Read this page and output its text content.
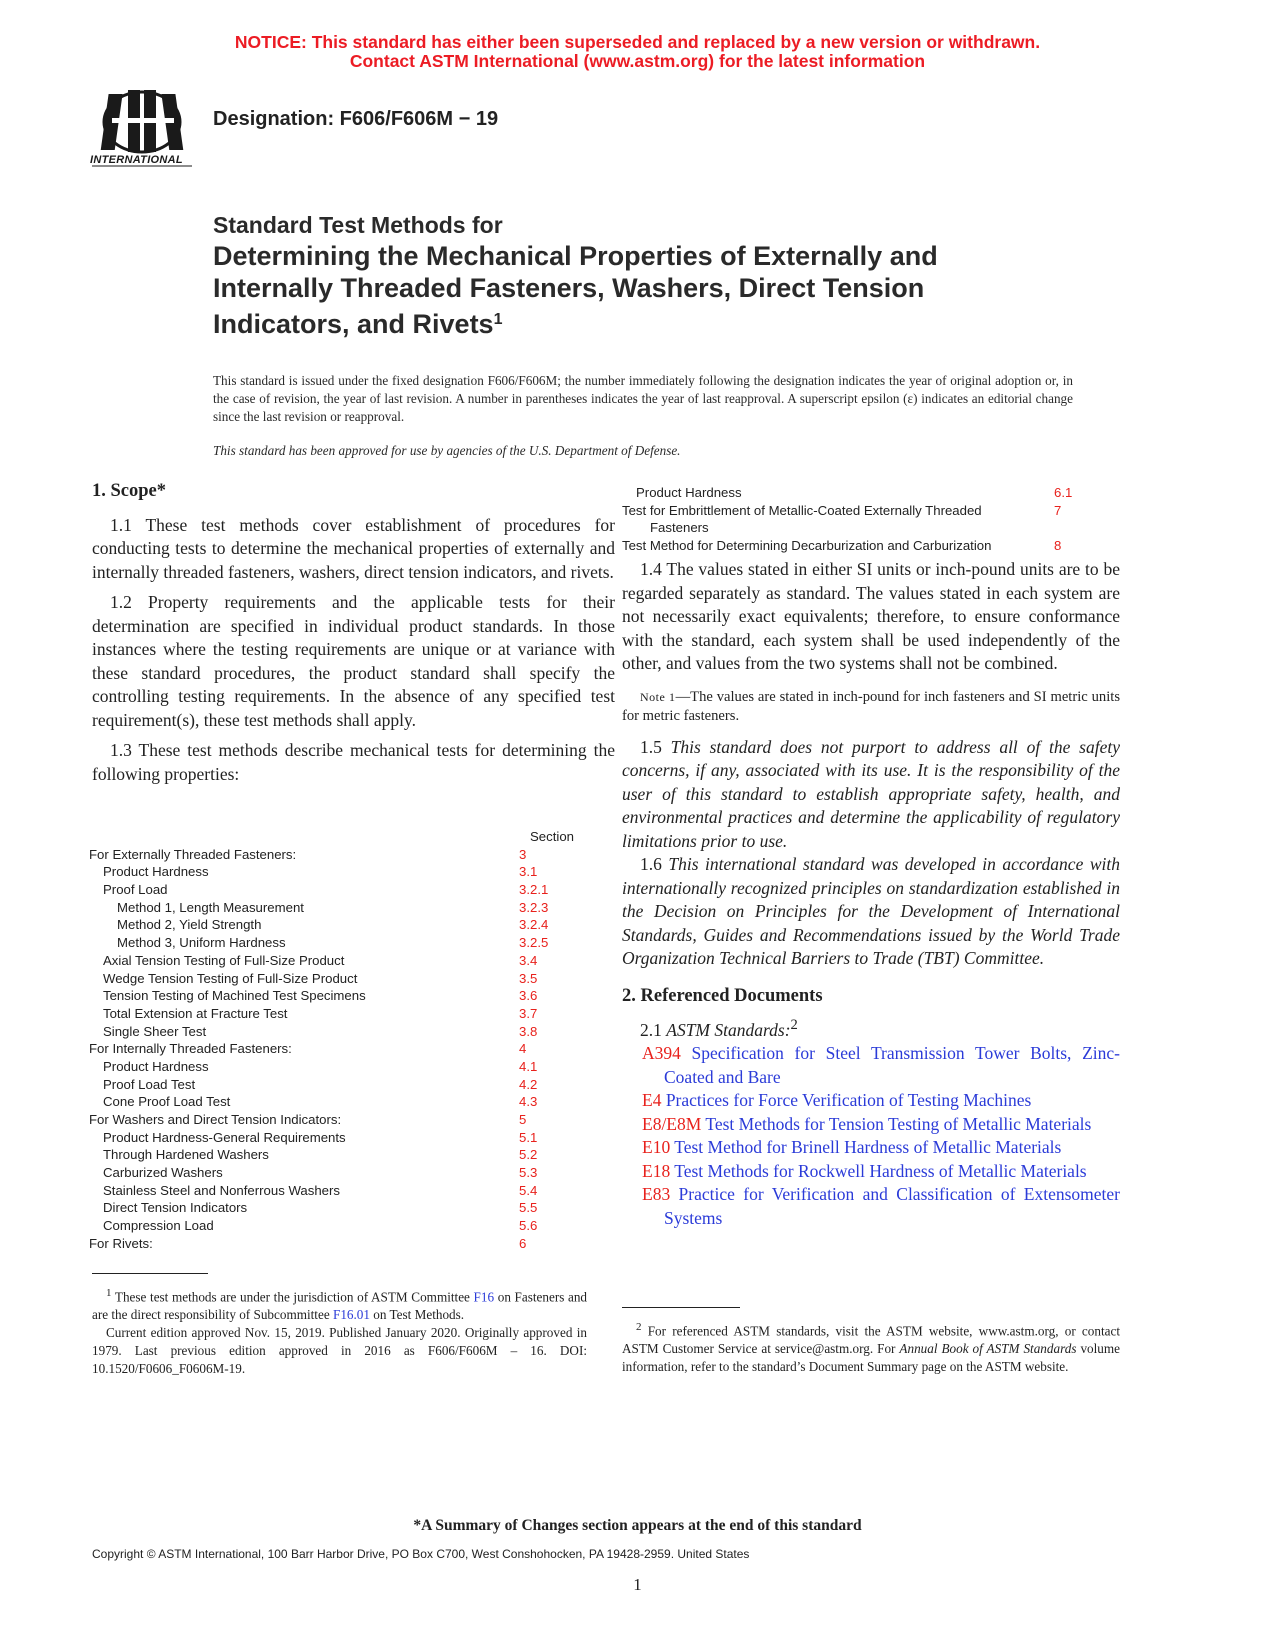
NOTICE: This standard has either been superseded and replaced by a new version or withdrawn.
Contact ASTM International (www.astm.org) for the latest information
INTERNATIONAL
Designation: F606/F606M − 19
Standard Test Methods for
Determining the Mechanical Properties of Externally and
Internally Threaded Fasteners, Washers, Direct Tension
Indicators, and Rivets$^1$
This standard is issued under the fixed designation F606/F606M; the number immediately following the designation indicates the year of original adoption or, in the case of revision, the year of last revision. A number in parentheses indicates the year of last reapproval. A superscript epsilon (ε) indicates an editorial change since the last revision or reapproval.
This standard has been approved for use by agencies of the U.S. Department of Defense.
1. Scope*

1.1 These test methods cover establishment of procedures for conducting tests to determine the mechanical properties of externally and internally threaded fasteners, washers, direct tension indicators, and rivets.

1.2 Property requirements and the applicable tests for their determination are specified in individual product standards. In those instances where the testing requirements are unique or at variance with these standard procedures, the product standard shall specify the controlling testing requirements. In the absence of any specified test requirement(s), these test methods shall apply.

1.3 These test methods describe mechanical tests for determining the following properties:

Section
For Externally Threaded Fasteners:	3
Product Hardness	3.1
Proof Load	3.2.1
Method 1, Length Measurement	3.2.3
Method 2, Yield Strength	3.2.4
Method 3, Uniform Hardness	3.2.5
Axial Tension Testing of Full-Size Product	3.4
Wedge Tension Testing of Full-Size Product	3.5
Tension Testing of Machined Test Specimens	3.6
Total Extension at Fracture Test	3.7
Single Sheer Test	3.8
For Internally Threaded Fasteners:	4
Product Hardness	4.1
Proof Load Test	4.2
Cone Proof Load Test	4.3
For Washers and Direct Tension Indicators:	5
Product Hardness-General Requirements	5.1
Through Hardened Washers	5.2
Carburized Washers	5.3
Stainless Steel and Nonferrous Washers	5.4
Direct Tension Indicators	5.5
Compression Load	5.6
For Rivets:	6
$^1$ These test methods are under the jurisdiction of ASTM Committee F16 on Fasteners and are the direct responsibility of Subcommittee F16.01 on Test Methods.
Current edition approved Nov. 15, 2019. Published January 2020. Originally approved in 1979. Last previous edition approved in 2016 as F606/F606M – 16. DOI: 10.1520/F0606_F0606M-19.
Product Hardness	6.1
Test for Embrittlement of Metallic-Coated Externally Threaded	7
Fasteners
Test Method for Determining Decarburization and Carburization	8

1.4 The values stated in either SI units or inch-pound units are to be regarded separately as standard. The values stated in each system are not necessarily exact equivalents; therefore, to ensure conformance with the standard, each system shall be used independently of the other, and values from the two systems shall not be combined.

Note 1—The values are stated in inch-pound for inch fasteners and SI metric units for metric fasteners.

1.5 This standard does not purport to address all of the safety concerns, if any, associated with its use. It is the responsibility of the user of this standard to establish appropriate safety, health, and environmental practices and determine the applicability of regulatory limitations prior to use.

1.6 This international standard was developed in accordance with internationally recognized principles on standardization established in the Decision on Principles for the Development of International Standards, Guides and Recommendations issued by the World Trade Organization Technical Barriers to Trade (TBT) Committee.

2. Referenced Documents
2.1 ASTM Standards:$^2$
A394 Specification for Steel Transmission Tower Bolts, Zinc-Coated and Bare
E4 Practices for Force Verification of Testing Machines
E8/E8M Test Methods for Tension Testing of Metallic Materials
E10 Test Method for Brinell Hardness of Metallic Materials
E18 Test Methods for Rockwell Hardness of Metallic Materials
E83 Practice for Verification and Classification of Extensometer Systems
$^2$ For referenced ASTM standards, visit the ASTM website, www.astm.org, or contact ASTM Customer Service at service@astm.org. For Annual Book of ASTM Standards volume information, refer to the standard’s Document Summary page on the ASTM website.
*A Summary of Changes section appears at the end of this standard
Copyright © ASTM International, 100 Barr Harbor Drive, PO Box C700, West Conshohocken, PA 19428-2959. United States
1
